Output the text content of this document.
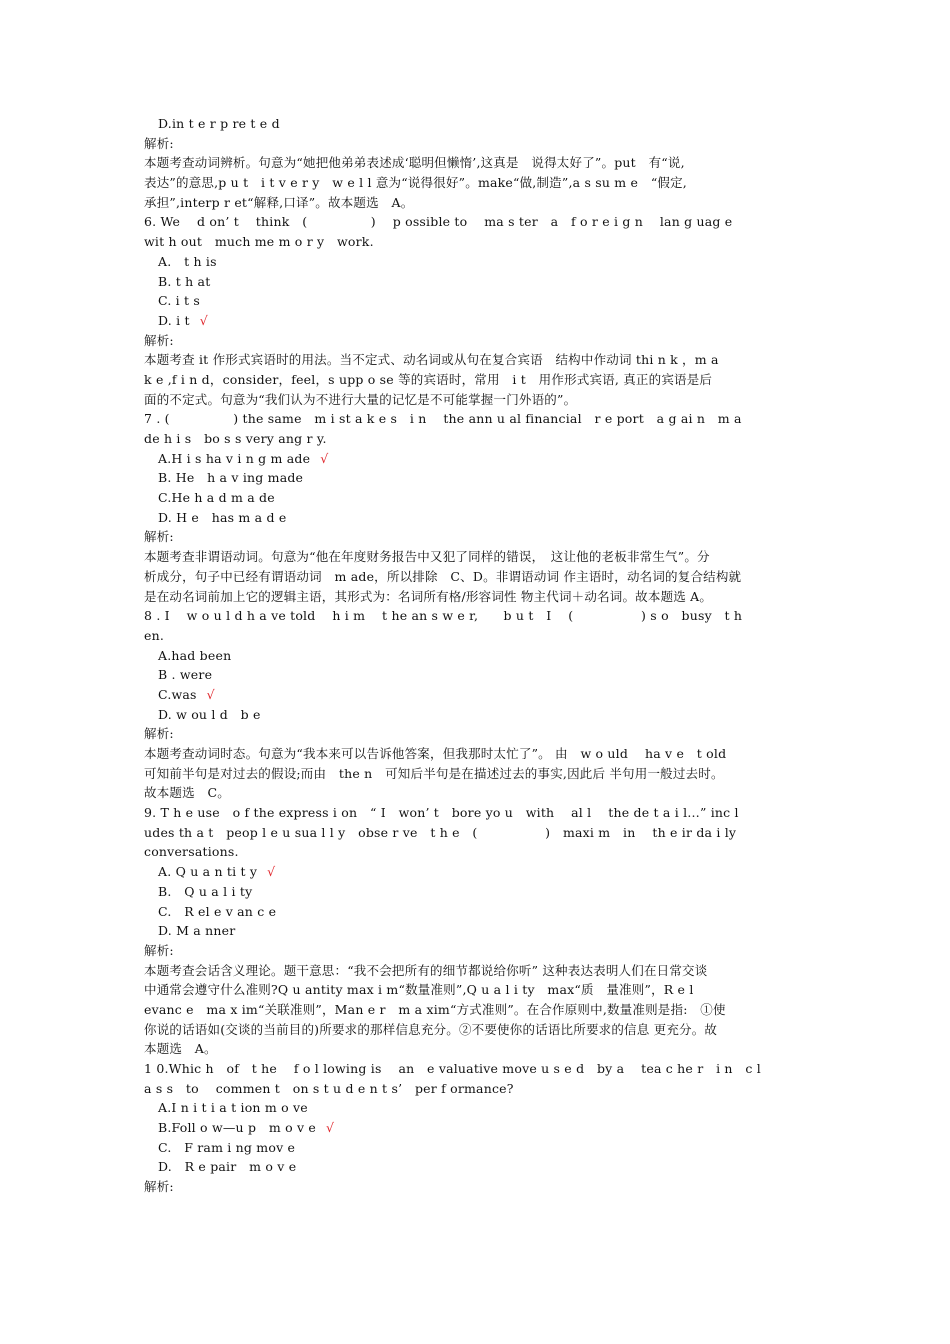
D.in t e r p re t e d
解析:
本题考查动词辨析。句意为“她把他弟弟表述成‘聪明但懒惰’,这真是　说得太好了”。put　有“说,
表达”的意思,p u t　i t v e r y　w e l l 意为“说得很好”。make“做,制造”,a s su m e　“假定,
承担”,interp r et“解释,口译”。故本题选　A。
6. We　 d on’ t　 think　(　　　　　)　 p ossible to　 ma s ter　a　f o r e i g n　 lan g uag e
wit h out　much me m o r y　work.
A.　t h is
B. t h at
C. i t s
D. i t √
解析:
本题考查 it 作形式宾语时的用法。当不定式、动名词或从句在复合宾语　结构中作动词 thi n k ，m a
k e ,f i n d，consider，feel，s upp o se 等的宾语时，常用　i t　用作形式宾语, 真正的宾语是后
面的不定式。句意为“我们认为不进行大量的记忆是不可能掌握一门外语的”。
7 . (　　　　　) the same　m i st a k e s　i n　 the ann u al financial　r e port　a g ai n　m a
de h i s　bo s s very ang r y.
A.H i s ha v i n g m ade √
B. He　h a v ing made
C.He h a d m a de
D. H e　has m a d e
解析:
本题考查非谓语动词。句意为“他在年度财务报告中又犯了同样的错误，　这让他的老板非常生气”。分
析成分，句子中已经有谓语动词　m ade，所以排除　C、D。非谓语动词 作主语时，动名词的复合结构就
是在动名词前加上它的逻辑主语，其形式为：名词所有格/形容词性 物主代词＋动名词。故本题选 A。
8 . I　 w o u l d h a ve told　 h i m　 t he an s w e r,　　b u t　I　 (　　　　　 ) s o　busy　t h
en.
A.had been
B . were
C.was √
D. w ou l d　b e
解析:
本题考查动词时态。句意为“我本来可以告诉他答案，但我那时太忙了”。 由　w o uld　 ha v e　t old
可知前半句是对过去的假设;而由　the n　可知后半句是在描述过去的事实,因此后 半句用一般过去时。
故本题选　C。
9. T h e use　o f the express i on　“ I　won’ t　bore yo u　with　 al l　 the de t a i l…” inc l
udes th a t　peop l e u sua l l y　obse r ve　t h e　(　　　　　 )　maxi m　in　 th e ir da i ly
conversations.
A. Q u a n ti t y √
B.　Q u a l i ty
C.　R el e v an c e
D. M a nner
解析:
本题考查会话含义理论。题干意思：“我不会把所有的细节都说给你听” 这种表达表明人们在日常交谈
中通常会遵守什么准则?Q u antity max i m“数量准则”,Q u a l i ty　max“质　量准则”，R e l
evanc e　ma x im“关联准则”，Man e r　m a xim“方式准则”。在合作原则中,数量准则是指:　①使
你说的话语如(交谈的当前目的)所要求的那样信息充分。②不要使你的话语比所要求的信息 更充分。故
本题选　A。
1 0.Whic h　of　t he　 f o l lowing is　 an　e valuative move u s e d　by a　 tea c he r　i n　c l
a s s　to　 commen t　on s t u d e n t s’　per f ormance?
A.I n i t i a t ion m o ve
B.Foll o w—u p　m o v e √
C.　F ram i ng mov e
D.　R e pair　m o v e
解析:
